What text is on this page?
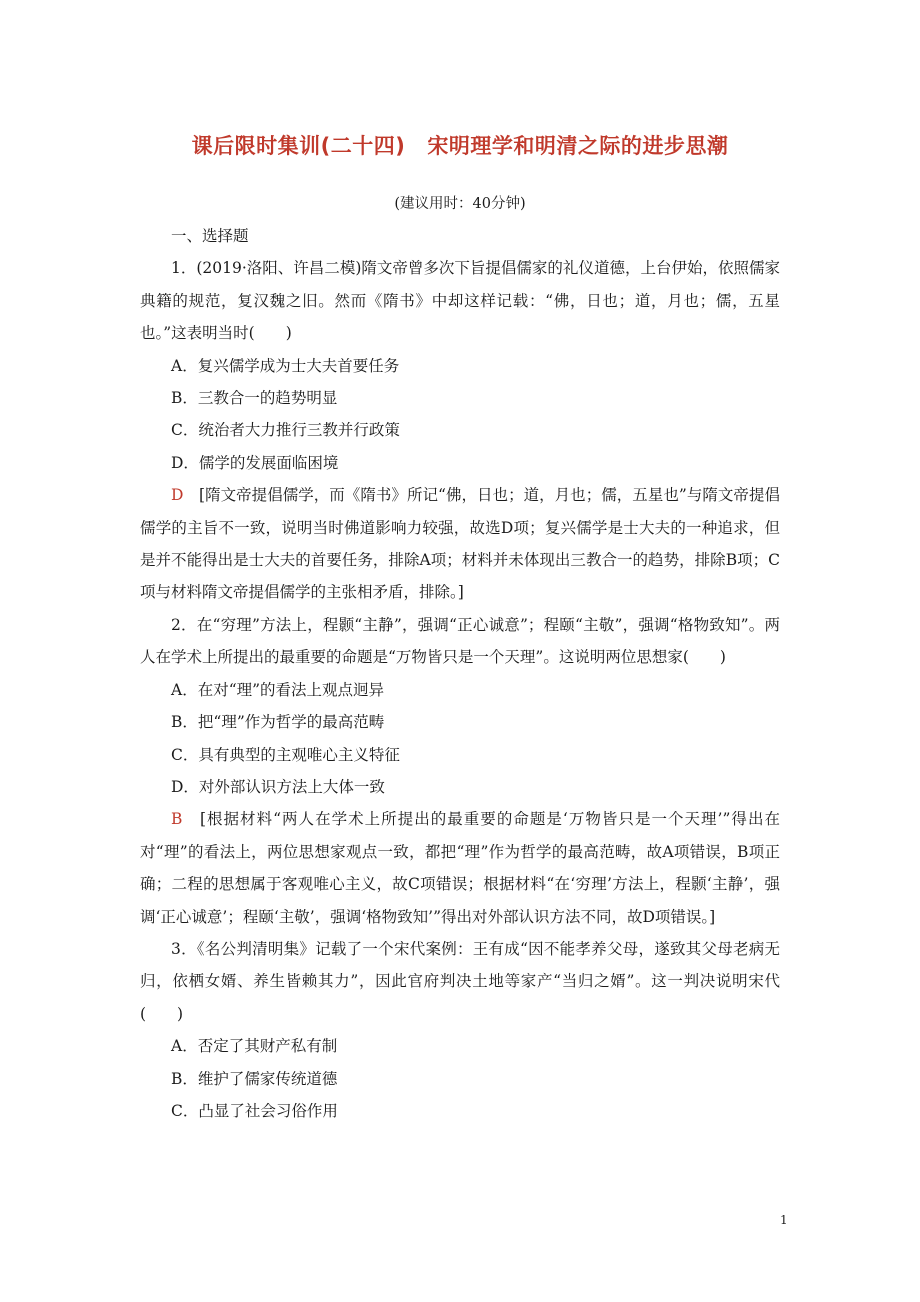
课后限时集训(二十四) 宋明理学和明清之际的进步思潮
(建议用时：40分钟)
一、选择题
1．(2019·洛阳、许昌二模)隋文帝曾多次下旨提倡儒家的礼仪道德，上台伊始，依照儒家典籍的规范，复汉魏之旧。然而《隋书》中却这样记载：“佛，日也；道，月也；儒，五星也。”这表明当时(　　)
A．复兴儒学成为士大夫首要任务
B．三教合一的趋势明显
C．统治者大力推行三教并行政策
D．儒学的发展面临困境
D　 [隋文帝提倡儒学，而《隋书》所记“佛，日也；道，月也；儒，五星也”与隋文帝提倡儒学的主旨不一致，说明当时佛道影响力较强，故选D项；复兴儒学是士大夫的一种追求，但是并不能得出是士大夫的首要任务，排除A项；材料并未体现出三教合一的趋势，排除B项；C项与材料隋文帝提倡儒学的主张相矛盾，排除。]
2．在“穷理”方法上，程颢“主静”，强调“正心诚意”；程颐“主敬”，强调“格物致知”。两人在学术上所提出的最重要的命题是“万物皆只是一个天理”。这说明两位思想家(　　)
A．在对“理”的看法上观点迥异
B．把“理”作为哲学的最高范畴
C．具有典型的主观唯心主义特征
D．对外部认识方法上大体一致
B　 [根据材料“两人在学术上所提出的最重要的命题是‘万物皆只是一个天理’”得出在对“理”的看法上，两位思想家观点一致，都把“理”作为哲学的最高范畴，故A项错误，B项正确；二程的思想属于客观唯心主义，故C项错误；根据材料“在‘穷理’方法上，程颢‘主静’，强调‘正心诚意’；程颐‘主敬’，强调‘格物致知’”得出对外部认识方法不同，故D项错误。]
3．《名公判清明集》记载了一个宋代案例：王有成“因不能孝养父母，遂致其父母老病无归，依栖女婿、养生皆赖其力”，因此官府判决土地等家产“当归之婿”。这一判决说明宋代(　　)
A．否定了其财产私有制
B．维护了儒家传统道德
C．凸显了社会习俗作用
1
